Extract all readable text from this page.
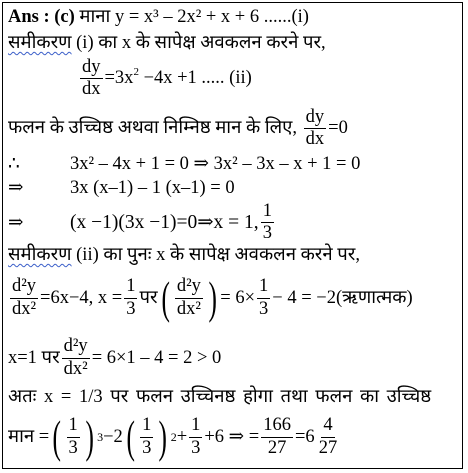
Ans : (c) माना y = x³ – 2x² + x + 6 ......(i)
समीकरण (i) का x के सापेक्ष अवकलन करने पर,
$\frac{dy}{dx} =3x^2 -4x +1$ ..... (ii)
फलन के उच्चिष्ठ अथवा निम्निष्ठ मान के लिए, $\frac{dy}{dx} =0$
∴	3x² – 4x + 1 = 0 ⇒ 3x² – 3x – x + 1 = 0
⇒	3x (x–1) – 1 (x–1) = 0
⇒ (x −1)(3x −1)=0⇒x = 1, $\frac{1}{3}$
समीकरण (ii) का पुनः x के सापेक्ष अवकलन करने पर,
$\frac{\text{d²y}}{\text{dx²}} =6x-4$, $x = \frac{1}{3}$ पर ( $\frac{\text{d²y}}{\text{dx²}}$ ) = $6\times \frac{1}{3} - 4$ = −2(ऋणात्मक)
x=1 पर $\frac{\text{d²y}}{\text{dx²}} = 6\times 1 - 4 = 2 > 0$
अतः x = 1/3 पर फलन उच्चिनष्ठ होगा तथा फलन का उच्चिष्ठ
मान = ( $\frac{1}{3}$ ) 3 −2 ( $\frac{1}{3}$ ) $2 + \frac{1}{3} +6$ ⇒ = $\frac{166}{27} =6 \frac{4}{27}$
